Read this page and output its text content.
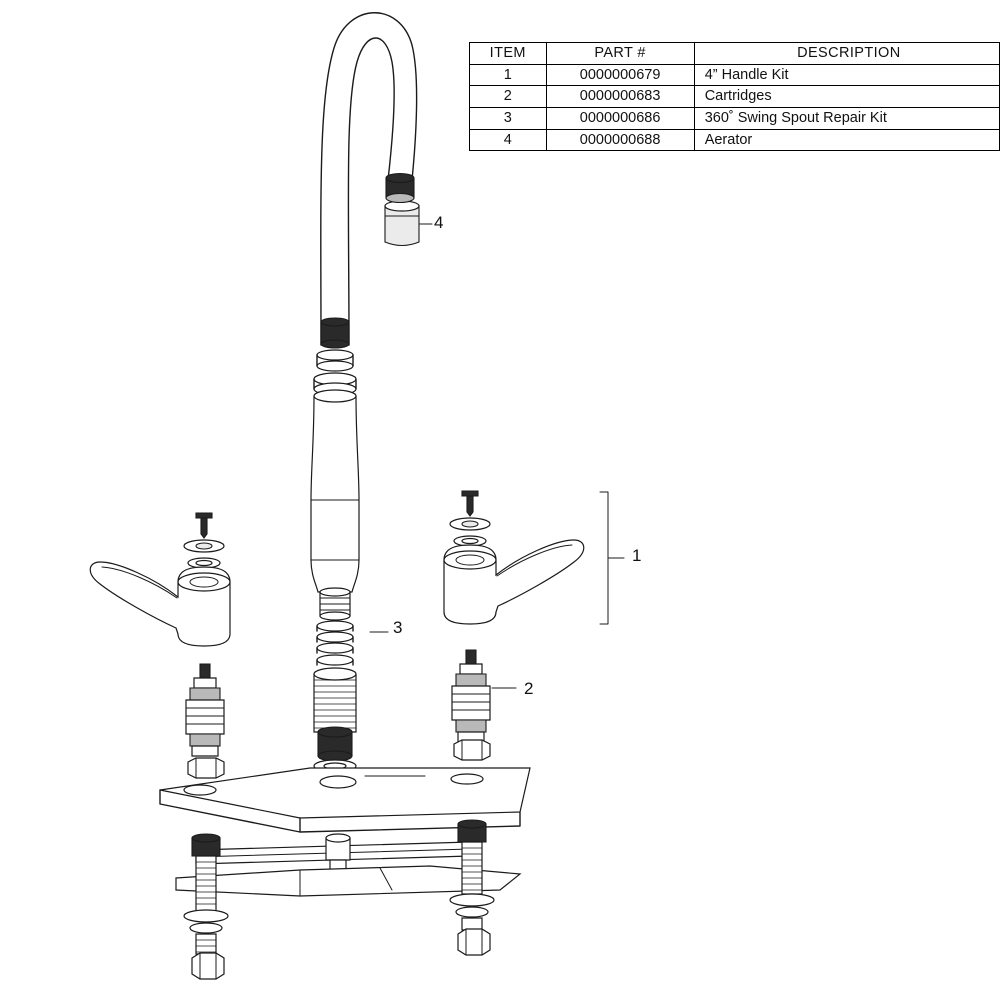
ITEM	PART #	DESCRIPTION
1	0000000679	4” Handle Kit
2	0000000683	Cartridges
3	0000000686	360˚ Swing Spout Repair Kit
4	0000000688	Aerator
4
1
2
3
